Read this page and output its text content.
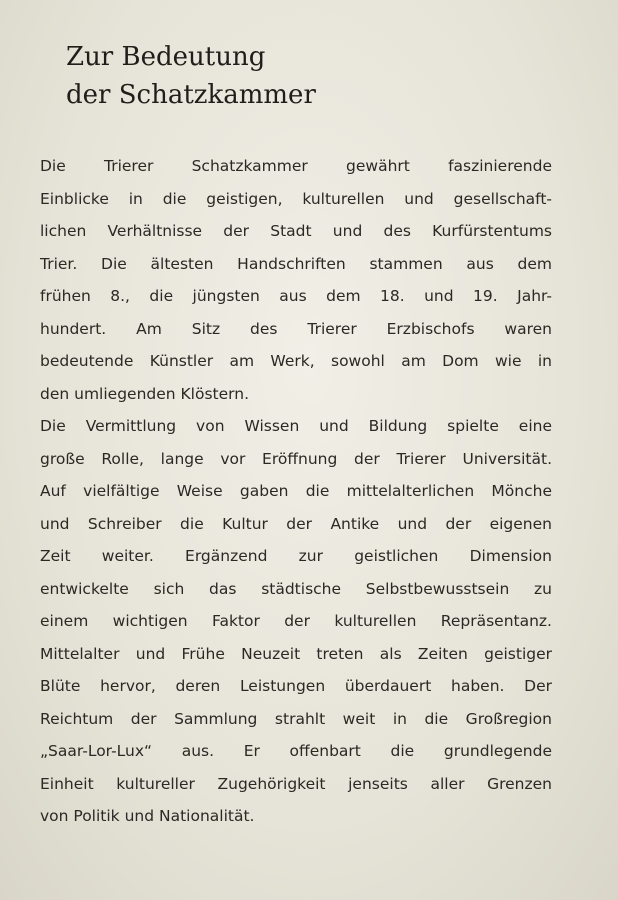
Zur Bedeutung
der Schatzkammer
Die Trierer Schatzkammer gewährt faszinierende
Einblicke in die geistigen, kulturellen und gesellschaft-
lichen Verhältnisse der Stadt und des Kurfürstentums
Trier. Die ältesten Handschriften stammen aus dem
frühen 8., die jüngsten aus dem 18. und 19. Jahr-
hundert. Am Sitz des Trierer Erzbischofs waren
bedeutende Künstler am Werk, sowohl am Dom wie in
den umliegenden Klöstern.
Die Vermittlung von Wissen und Bildung spielte eine
große Rolle, lange vor Eröffnung der Trierer Universität.
Auf vielfältige Weise gaben die mittelalterlichen Mönche
und Schreiber die Kultur der Antike und der eigenen
Zeit weiter. Ergänzend zur geistlichen Dimension
entwickelte sich das städtische Selbstbewusstsein zu
einem wichtigen Faktor der kulturellen Repräsentanz.
Mittelalter und Frühe Neuzeit treten als Zeiten geistiger
Blüte hervor, deren Leistungen überdauert haben. Der
Reichtum der Sammlung strahlt weit in die Großregion
„Saar-Lor-Lux“ aus. Er offenbart die grundlegende
Einheit kultureller Zugehörigkeit jenseits aller Grenzen
von Politik und Nationalität.
